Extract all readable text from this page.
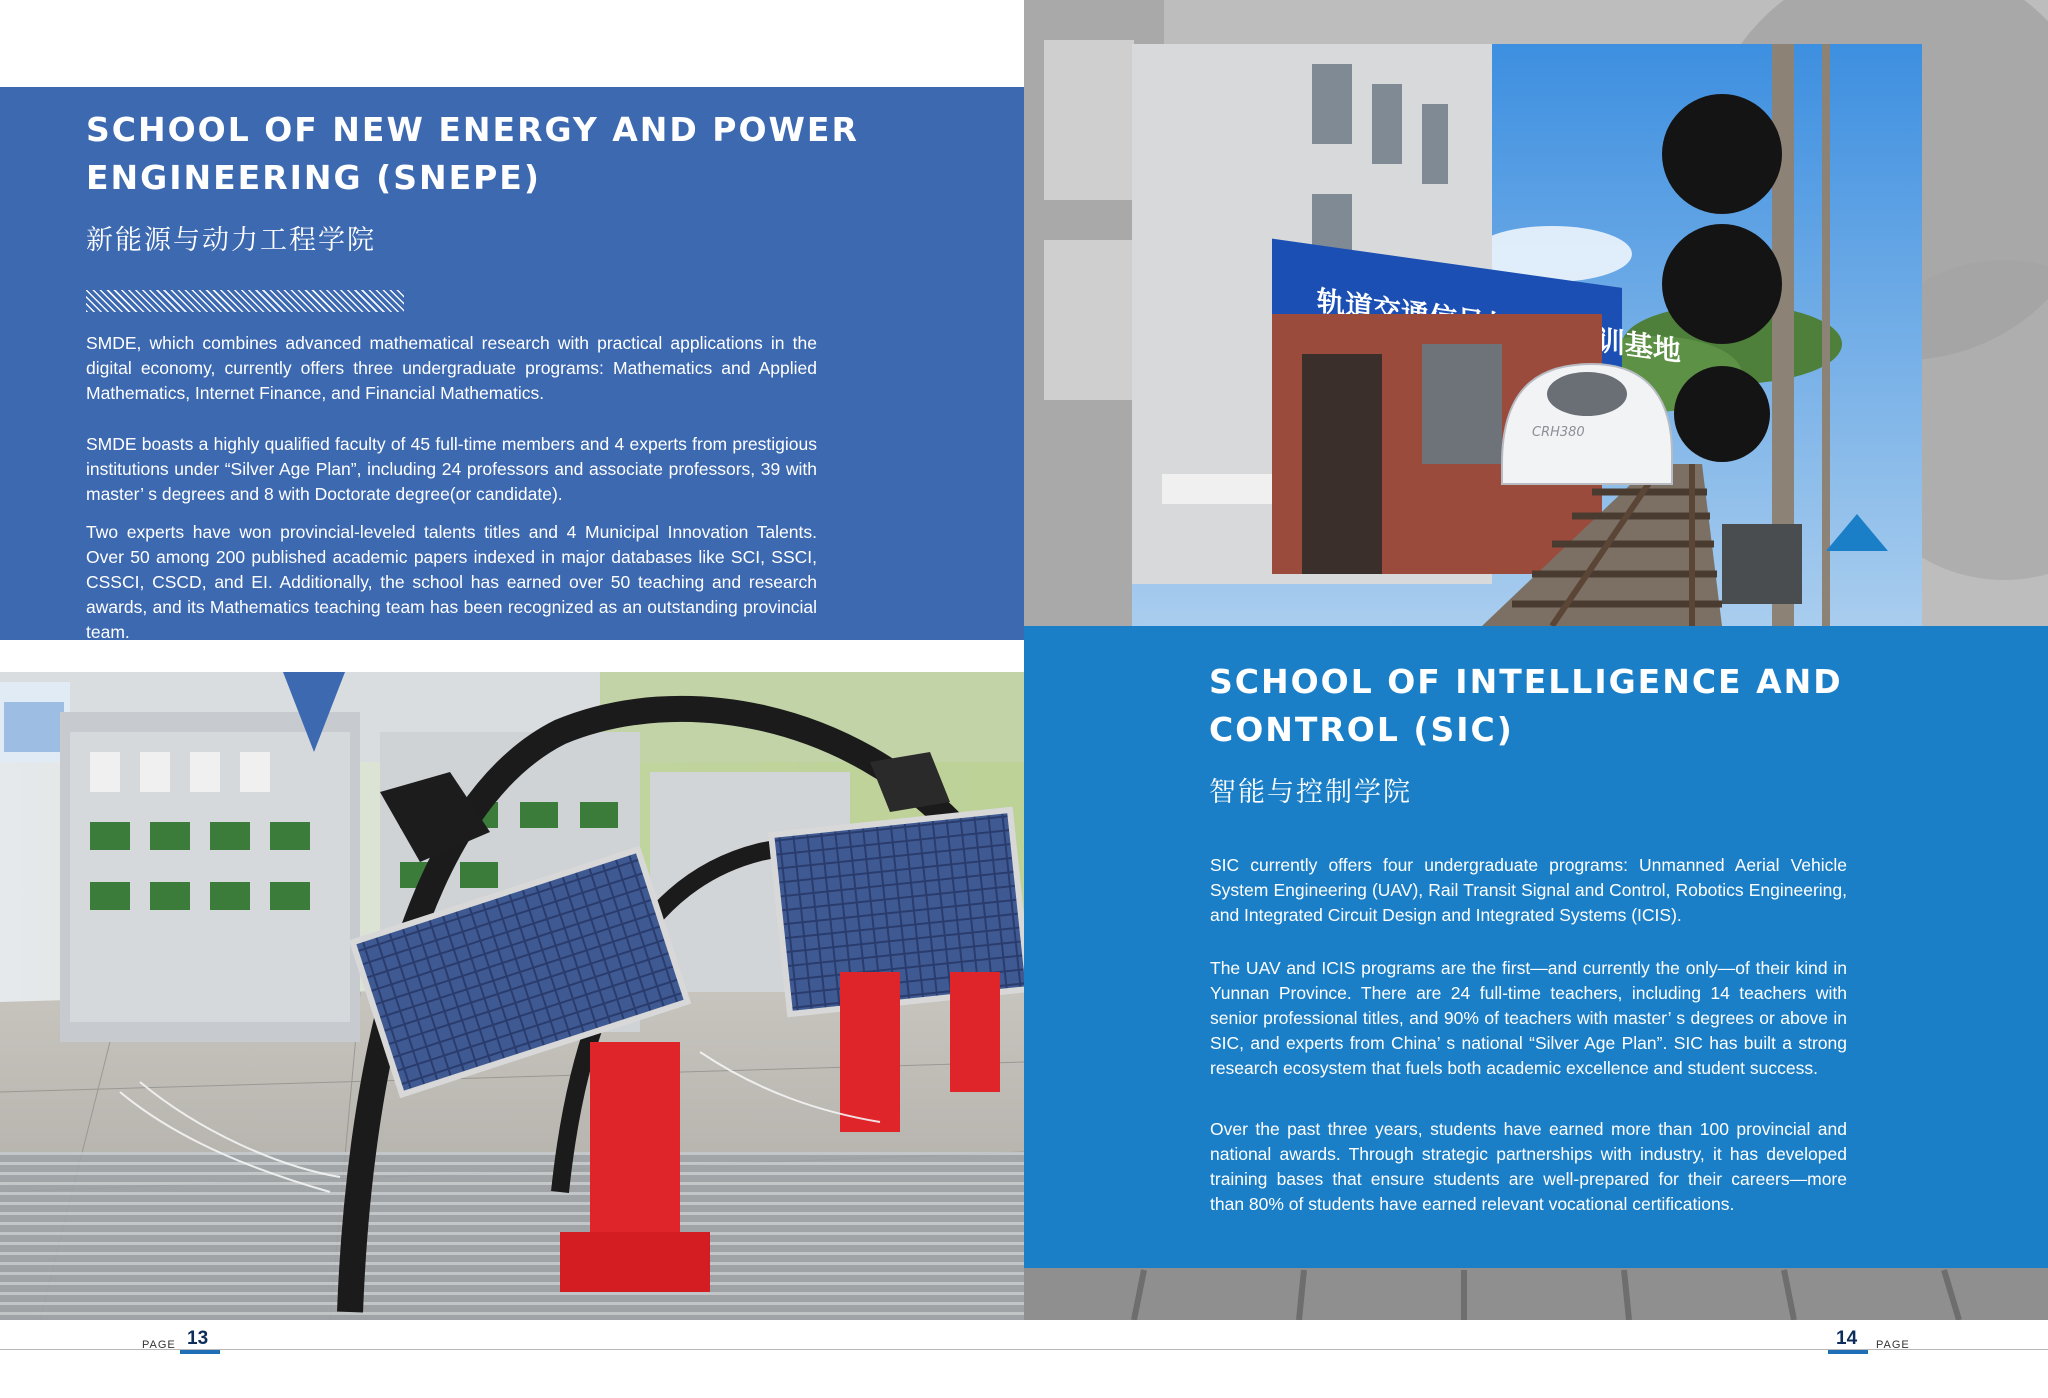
SCHOOL OF NEW ENERGY AND POWER ENGINEERING (SNEPE)
新能源与动力工程学院

SMDE, which combines advanced mathematical research with practical applications in the digital economy, currently offers three undergraduate programs: Mathematics and Applied Mathematics, Internet Finance, and Financial Mathematics.

SMDE boasts a highly qualified faculty of 45 full-time members and 4 experts from prestigious institutions under “Silver Age Plan”, including 24 professors and associate professors, 39 with master’ s degrees and 8 with Doctorate degree(or candidate).

Two experts have won provincial-leveled talents titles and 4 Municipal Innovation Talents. Over 50 among 200 published academic papers indexed in major databases like SCI, SSCI, CSSCI, CSCD, and EI. Additionally, the school has earned over 50 teaching and research awards, and its Mathematics teaching team has been recognized as an outstanding provincial team.

PAGE 13
CRH380
SCHOOL OF INTELLIGENCE AND CONTROL (SIC)
智能与控制学院

SIC currently offers four undergraduate programs: Unmanned Aerial Vehicle System Engineering (UAV), Rail Transit Signal and Control, Robotics Engineering, and Integrated Circuit Design and Integrated Systems (ICIS).

The UAV and ICIS programs are the first—and currently the only—of their kind in Yunnan Province. There are 24 full-time teachers, including 14 teachers with senior professional titles, and 90% of teachers with master’ s degrees or above in SIC, and experts from China’ s national “Silver Age Plan”. SIC has built a strong research ecosystem that fuels both academic excellence and student success.

Over the past three years, students have earned more than 100 provincial and national awards. Through strategic partnerships with industry, it has developed training bases that ensure students are well-prepared for their careers—more than 80% of students have earned relevant vocational certifications.

14 PAGE
